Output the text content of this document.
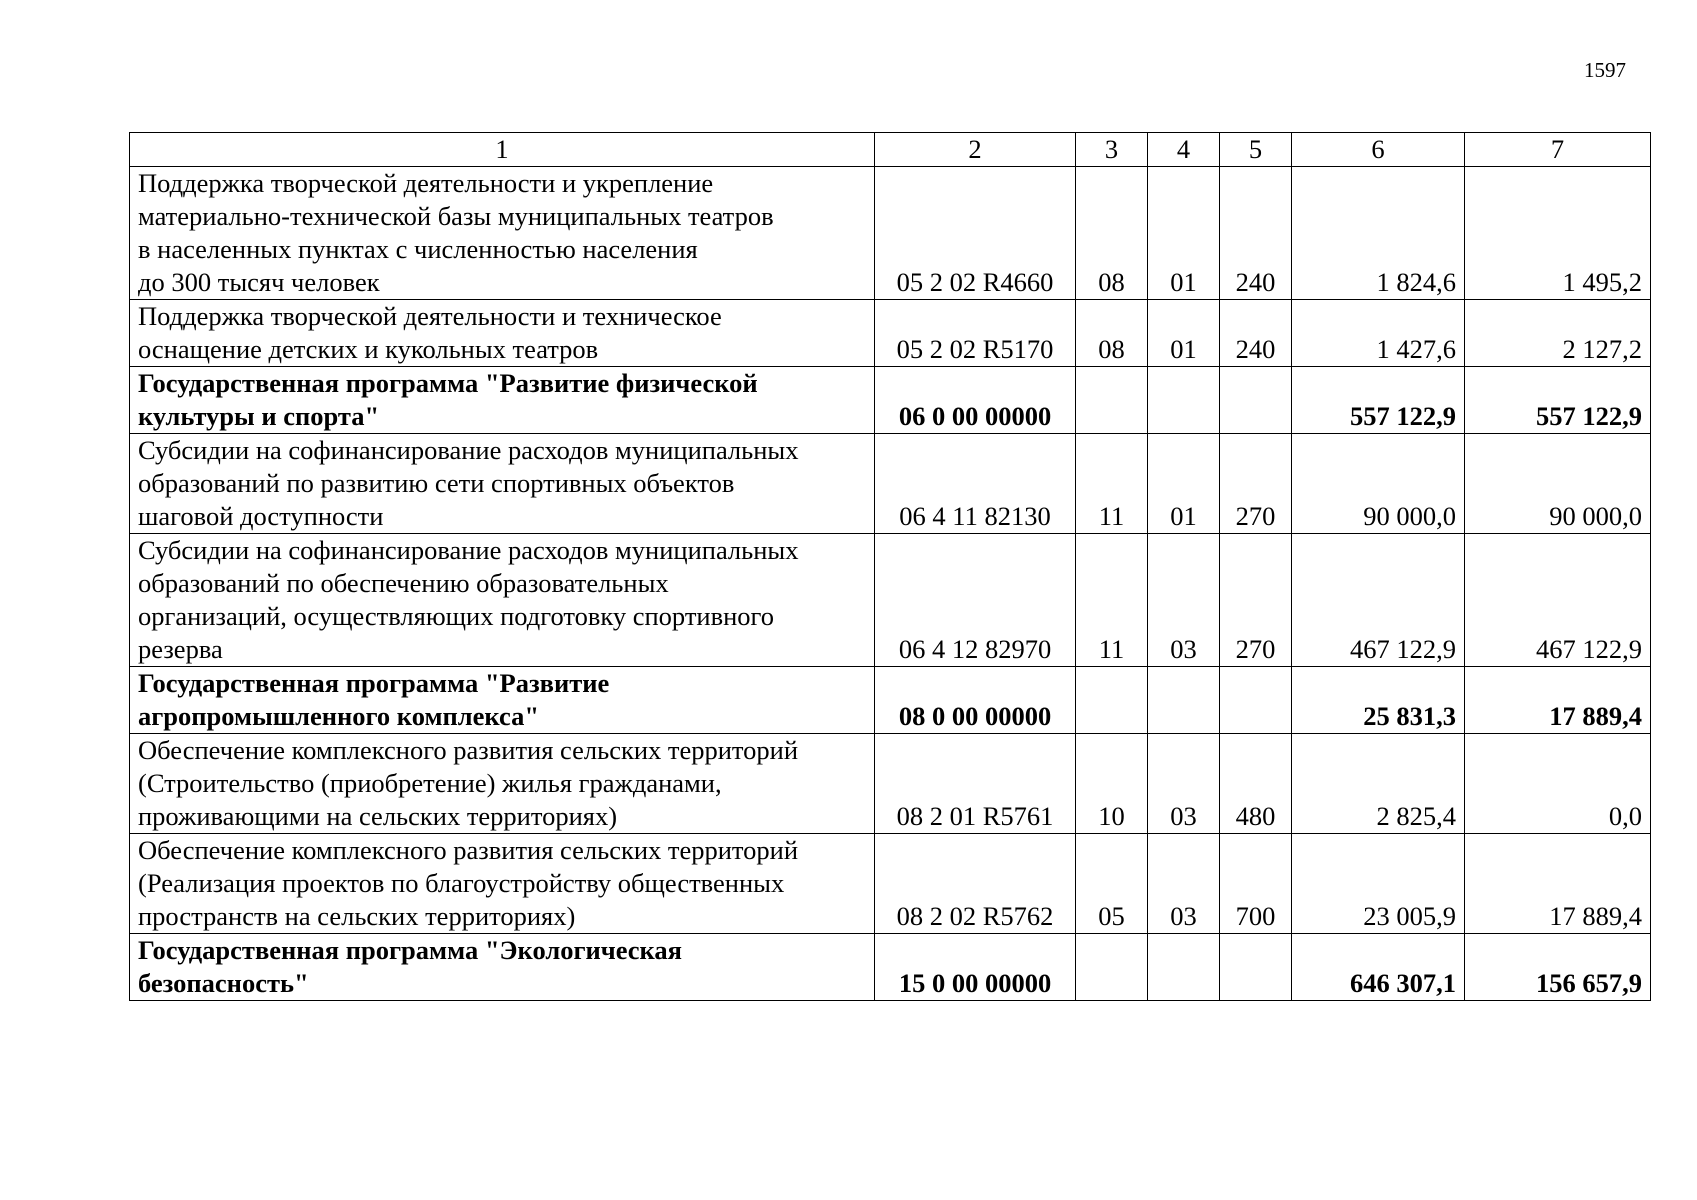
1597
1	2	3	4	5	6	7
Поддержка творческой деятельности и укрепление
материально-технической базы муниципальных театров
в населенных пунктах с численностью населения
до 300 тысяч человек	05 2 02 R4660	08	01	240	1 824,6	1 495,2
Поддержка творческой деятельности и техническое
оснащение детских и кукольных театров	05 2 02 R5170	08	01	240	1 427,6	2 127,2
Государственная программа "Развитие физической
культуры и спорта"	06 0 00 00000				557 122,9	557 122,9
Субсидии на софинансирование расходов муниципальных
образований по развитию сети спортивных объектов
шаговой доступности	06 4 11 82130	11	01	270	90 000,0	90 000,0
Субсидии на софинансирование расходов муниципальных
образований по обеспечению образовательных
организаций, осуществляющих подготовку спортивного
резерва	06 4 12 82970	11	03	270	467 122,9	467 122,9
Государственная программа "Развитие
агропромышленного комплекса"	08 0 00 00000				25 831,3	17 889,4
Обеспечение комплексного развития сельских территорий
(Строительство (приобретение) жилья гражданами,
проживающими на сельских территориях)	08 2 01 R5761	10	03	480	2 825,4	0,0
Обеспечение комплексного развития сельских территорий
(Реализация проектов по благоустройству общественных
пространств на сельских территориях)	08 2 02 R5762	05	03	700	23 005,9	17 889,4
Государственная программа "Экологическая
безопасность"	15 0 00 00000				646 307,1	156 657,9
